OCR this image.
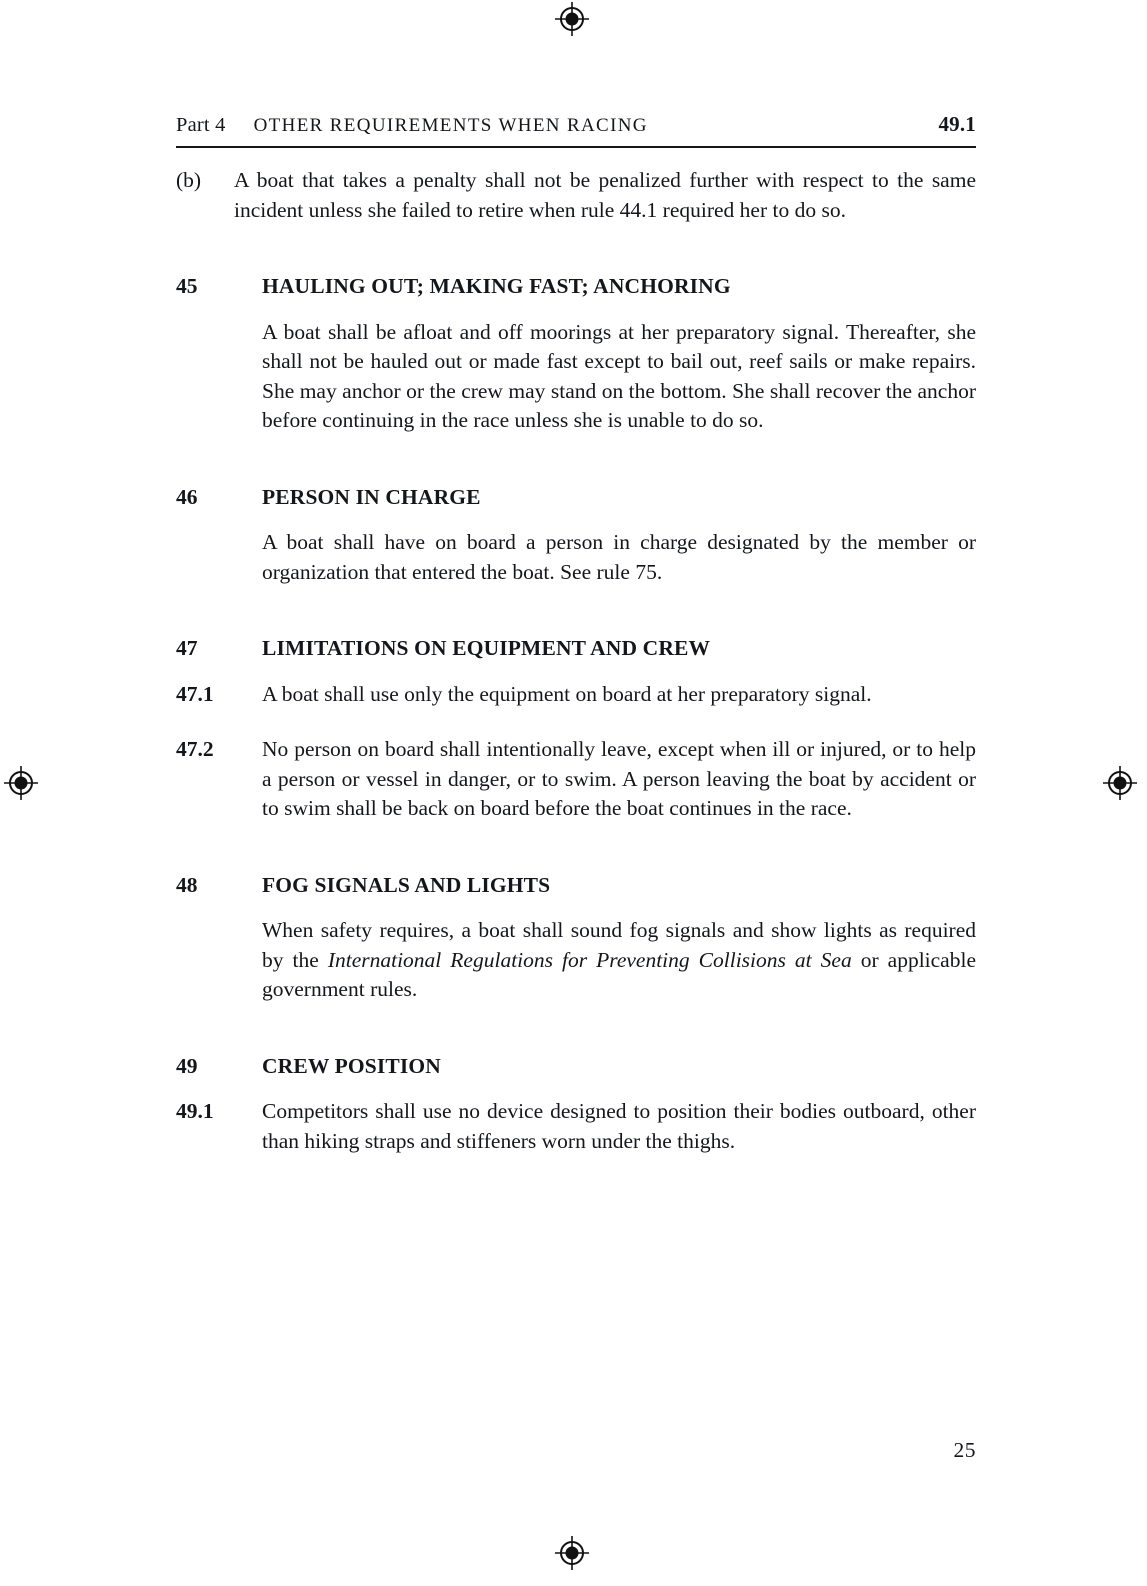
Part 4 OTHER REQUIREMENTS WHEN RACING	49.1
(b)	A boat that takes a penalty shall not be penalized further with respect to the same incident unless she failed to retire when rule 44.1 required her to do so.
45	HAULING OUT; MAKING FAST; ANCHORING
A boat shall be afloat and off moorings at her preparatory signal. Thereafter, she shall not be hauled out or made fast except to bail out, reef sails or make repairs. She may anchor or the crew may stand on the bottom. She shall recover the anchor before continuing in the race unless she is unable to do so.
46	PERSON IN CHARGE
A boat shall have on board a person in charge designated by the member or organization that entered the boat. See rule 75.
47	LIMITATIONS ON EQUIPMENT AND CREW
47.1	A boat shall use only the equipment on board at her preparatory signal.
47.2	No person on board shall intentionally leave, except when ill or injured, or to help a person or vessel in danger, or to swim. A person leaving the boat by accident or to swim shall be back on board before the boat continues in the race.
48	FOG SIGNALS AND LIGHTS
When safety requires, a boat shall sound fog signals and show lights as required by the International Regulations for Preventing Collisions at Sea or applicable government rules.
49	CREW POSITION
49.1	Competitors shall use no device designed to position their bodies outboard, other than hiking straps and stiffeners worn under the thighs.
25
